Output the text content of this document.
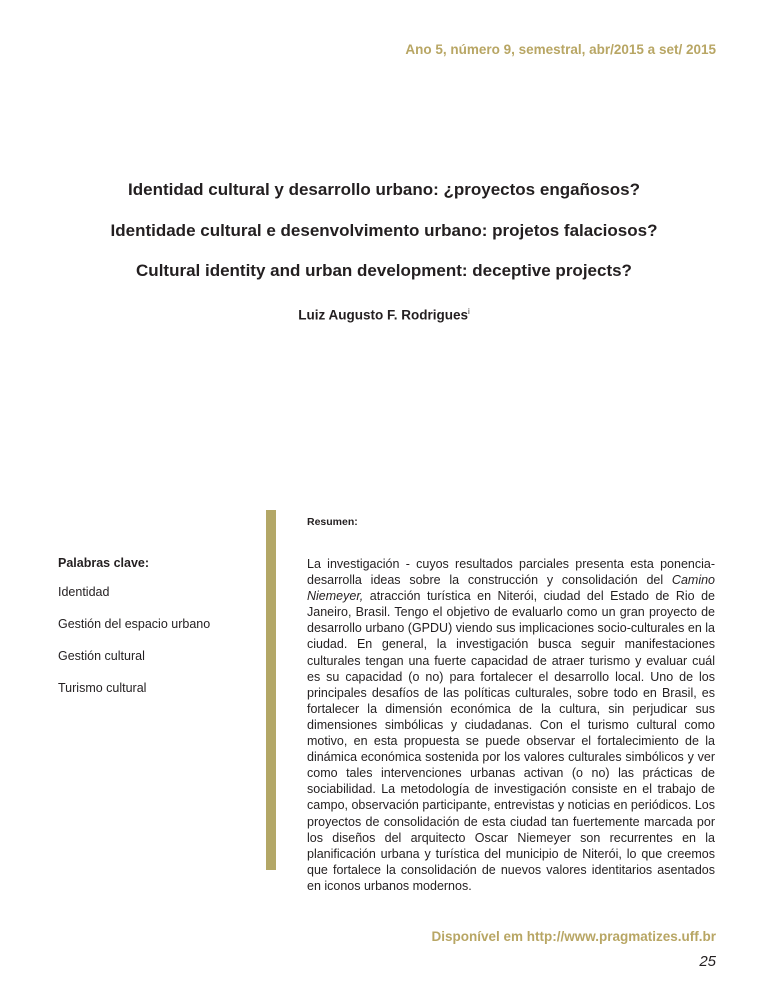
Ano 5, número 9, semestral, abr/2015 a set/ 2015
Identidad cultural y desarrollo urbano: ¿proyectos engañosos?
Identidade cultural e desenvolvimento urbano: projetos falaciosos?
Cultural identity and urban development: deceptive projects?
Luiz Augusto F. Rodrigues$^i$
Resumen:
Palabras clave:
Identidad
Gestión del espacio urbano
Gestión cultural
Turismo cultural

La investigación - cuyos resultados parciales presenta esta ponencia- desarrolla ideas sobre la construcción y consolidación del Camino Niemeyer, atracción turística en Niterói, ciudad del Estado de Rio de Janeiro, Brasil. Tengo el objetivo de evaluarlo como un gran proyecto de desarrollo urbano (GPDU) viendo sus implicaciones socio-culturales en la ciudad. En general, la investigación busca seguir manifestaciones culturales tengan una fuerte capacidad de atraer turismo y evaluar cuál es su capacidad (o no) para fortalecer el desarrollo local. Uno de los principales desafíos de las políticas culturales, sobre todo en Brasil, es fortalecer la dimensión económica de la cultura, sin perjudicar sus dimensiones simbólicas y ciudadanas. Con el turismo cultural como motivo, en esta propuesta se puede observar el fortalecimiento de la dinámica económica sostenida por los valores culturales simbólicos y ver como tales intervenciones urbanas activan (o no) las prácticas de sociabilidad. La metodología de investigación consiste en el trabajo de campo, observación participante, entrevistas y noticias en periódicos. Los proyectos de consolidación de esta ciudad tan fuertemente marcada por los diseños del arquitecto Oscar Niemeyer son recurrentes en la planificación urbana y turística del municipio de Niterói, lo que creemos que fortalece la consolidación de nuevos valores identitarios asentados en iconos urbanos modernos.

Disponível em http://www.pragmatizes.uff.br
25
